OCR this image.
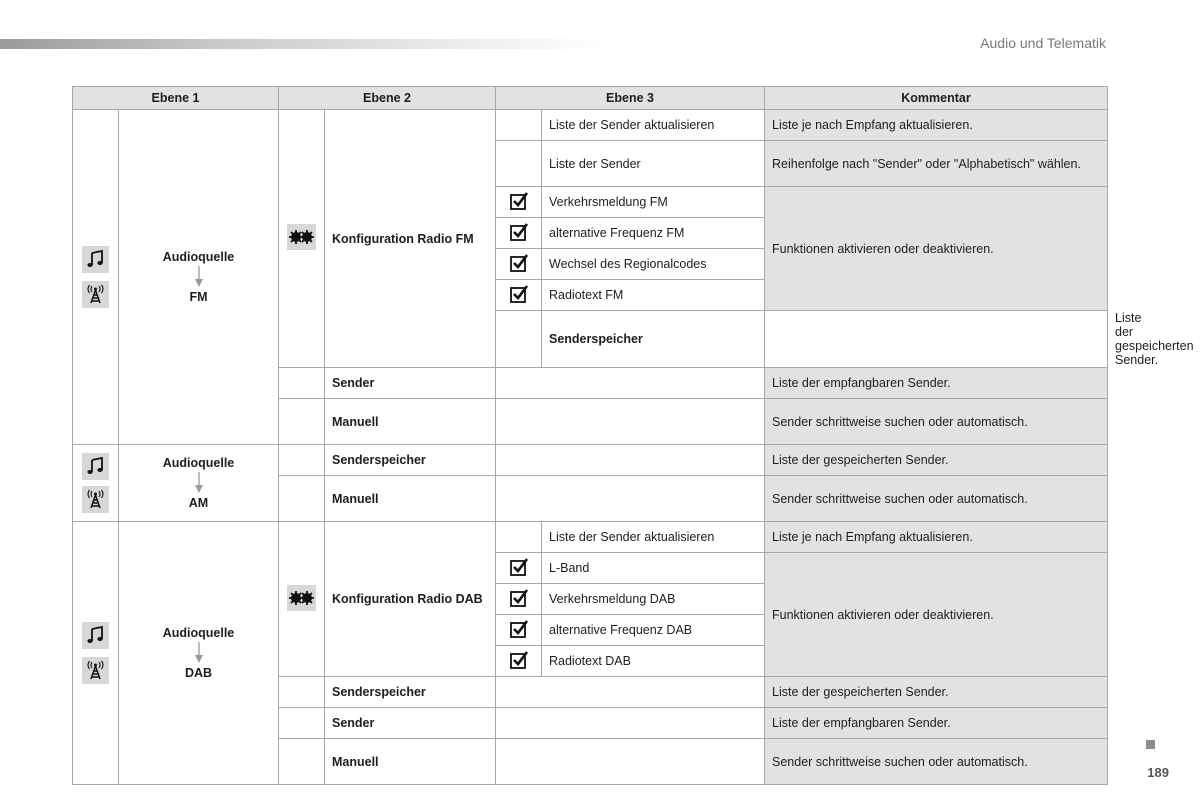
Audio und Telematik
Ebene 1		Ebene 2		Ebene 3		Kommentar	

Audioquelle
FM		Konfiguration Radio FM		Liste der Sender aktualisieren	Liste je nach Empfang aktualisieren.	
					Liste der Sender	Reihenfolge nach "Sender" oder "Alphabetisch" wählen.	
	Verkehrsmeldung FM	Funktionen aktivieren oder deaktivieren.	
	alternative Frequenz FM		
	Wechsel des Regionalcodes		
	Radiotext FM		
					Senderspeicher		Liste der gespeicherten Sender.
			Sender			Liste der empfangbaren Sender.	
			Manuell			Sender schrittweise suchen oder automatisch.	

Audioquelle
AM		Senderspeicher			Liste der gespeicherten Sender.	
			Manuell			Sender schrittweise suchen oder automatisch.	

Audioquelle
DAB		Konfiguration Radio DAB		Liste der Sender aktualisieren	Liste je nach Empfang aktualisieren.	
	L-Band	Funktionen aktivieren oder deaktivieren.	
	Verkehrsmeldung DAB		
	alternative Frequenz DAB		
	Radiotext DAB		
			Senderspeicher			Liste der gespeicherten Sender.	
			Sender			Liste der empfangbaren Sender.	
			Manuell			Sender schrittweise suchen oder automatisch.	
189
